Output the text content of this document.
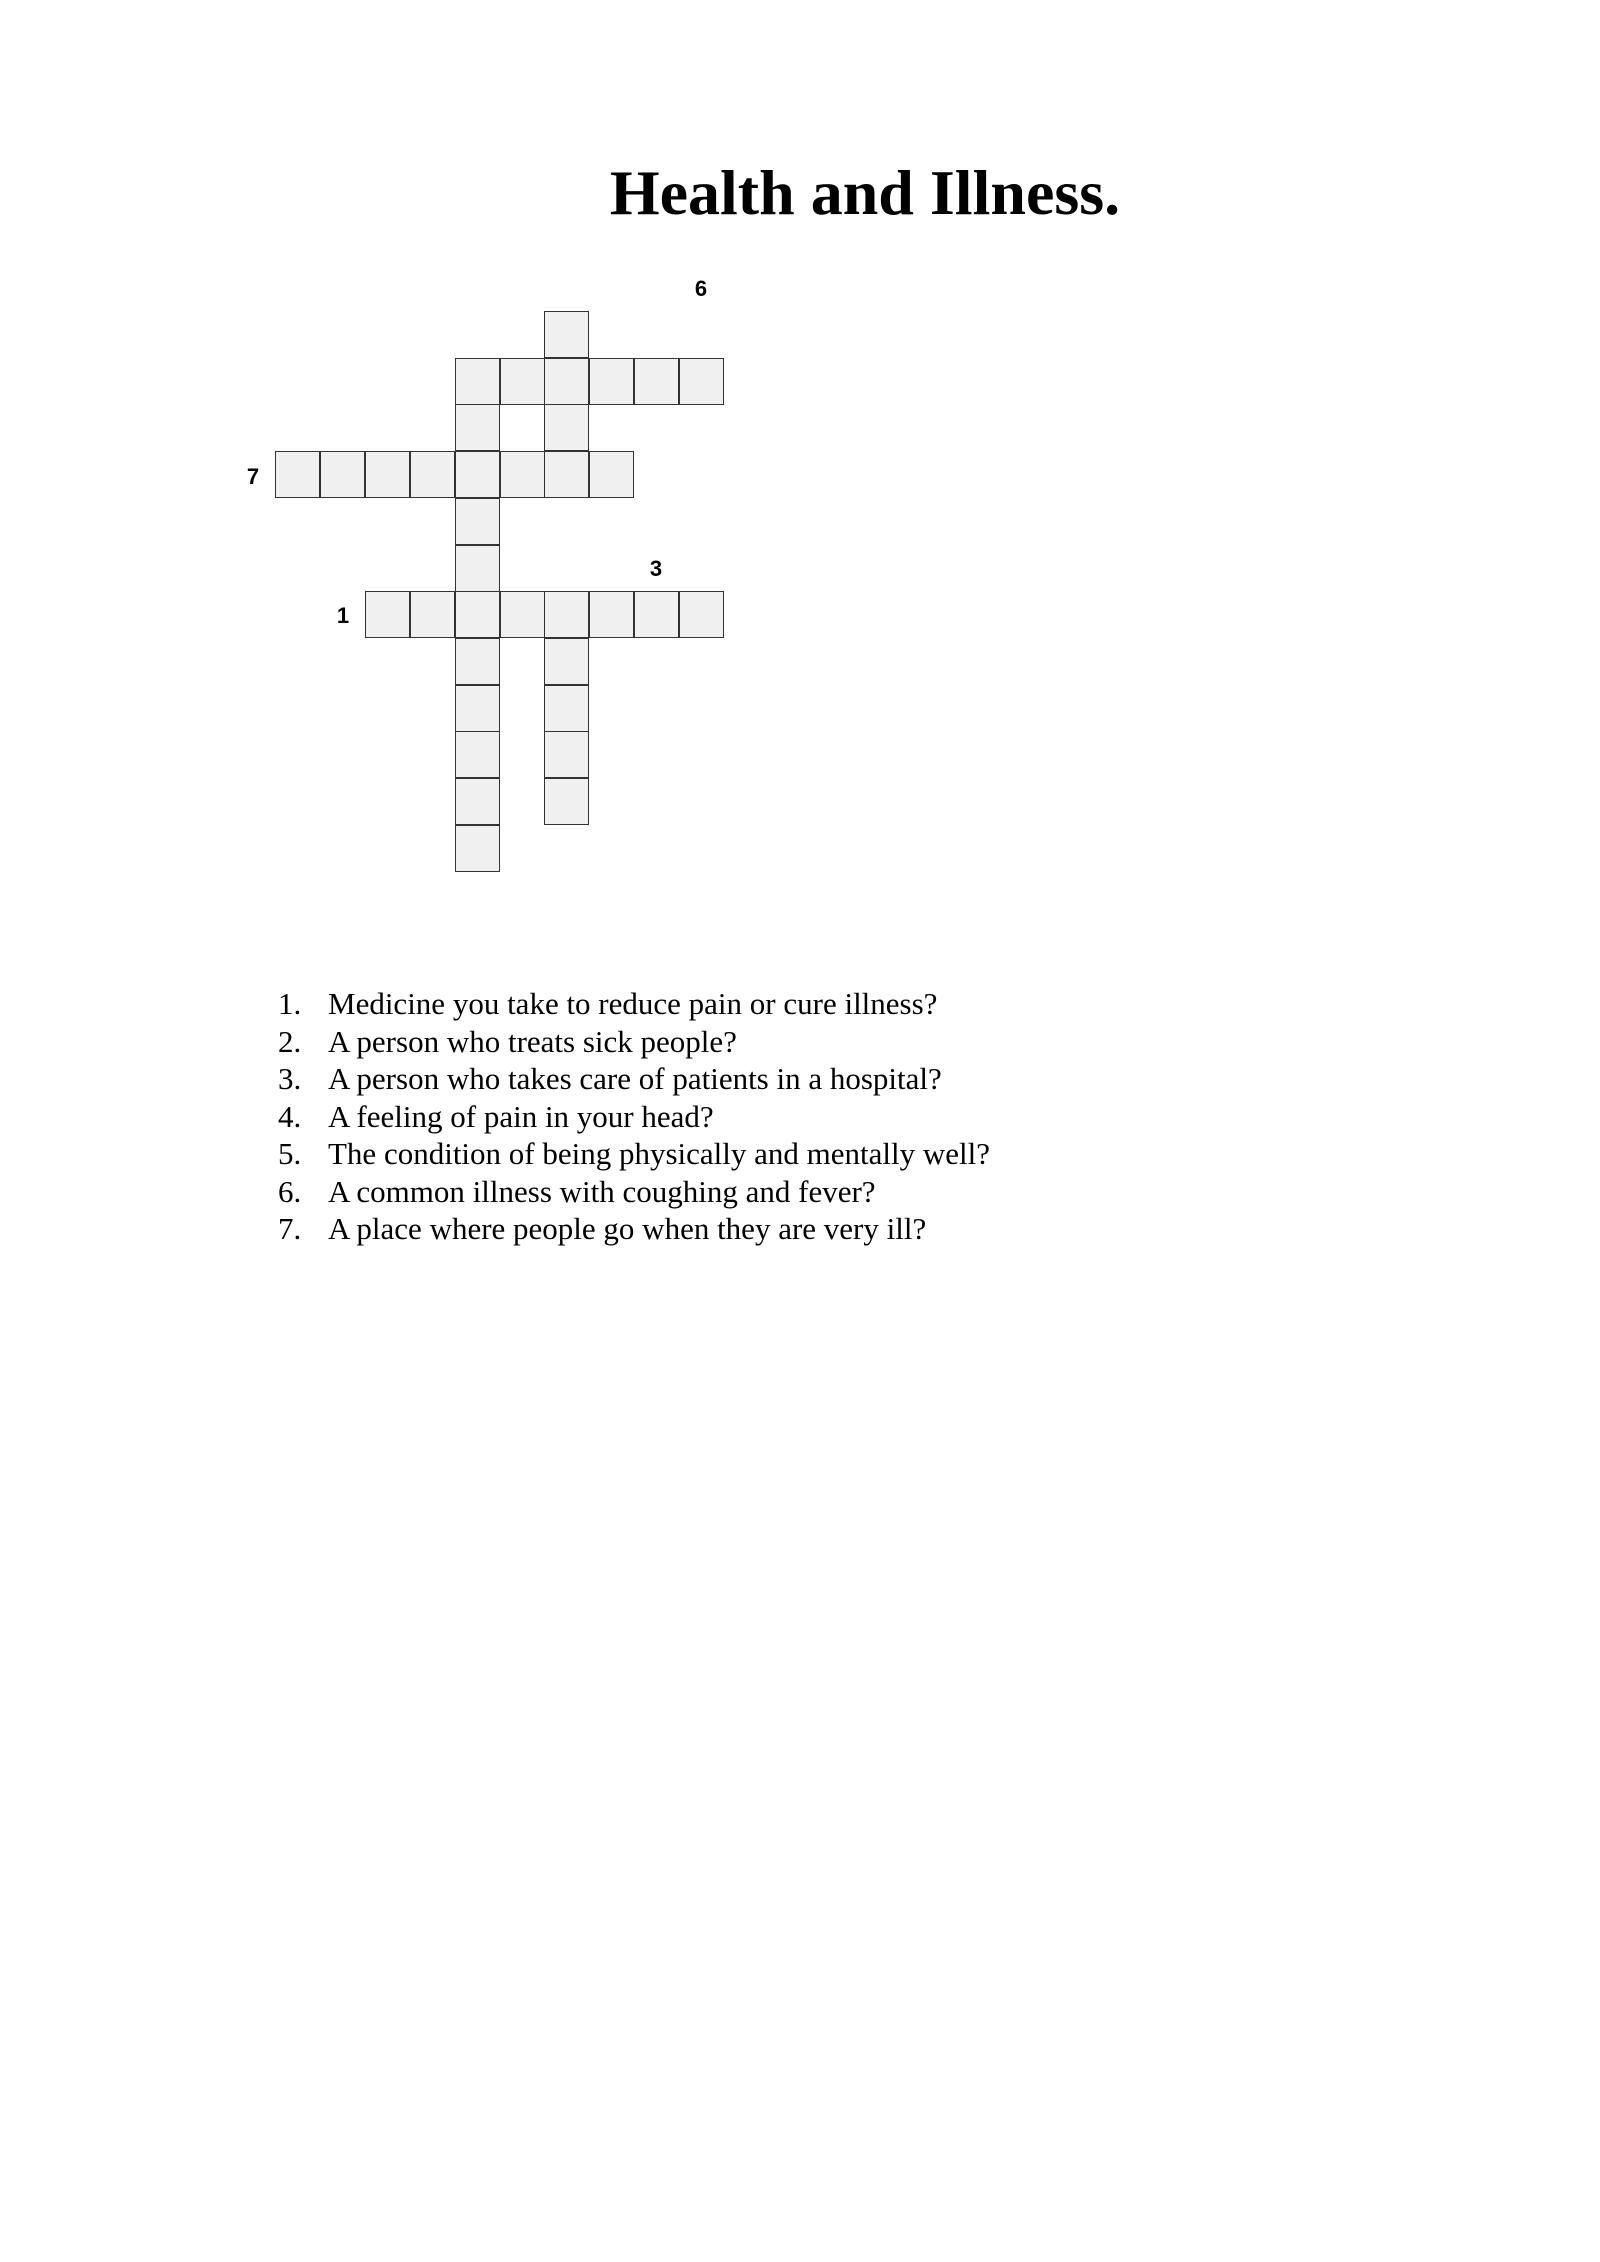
Health and Illness.
1
3
6
7
1. Medicine you take to reduce pain or cure illness?
2. A person who treats sick people?
3. A person who takes care of patients in a hospital?
4. A feeling of pain in your head?
5. The condition of being physically and mentally well?
6. A common illness with coughing and fever?
7. A place where people go when they are very ill?
